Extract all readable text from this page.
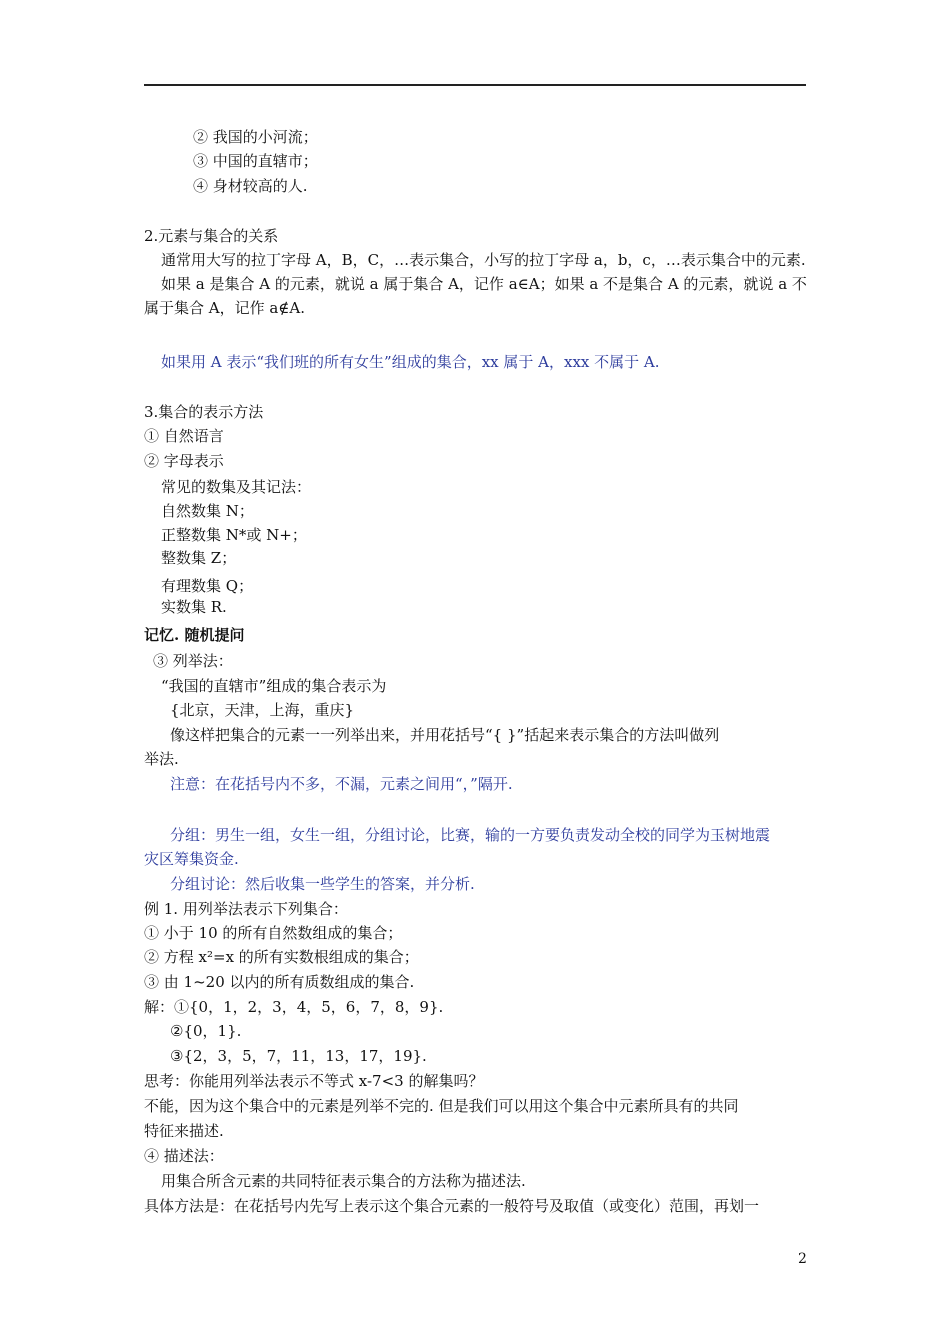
② 我国的小河流；
③ 中国的直辖市；
④ 身材较高的人.
2.元素与集合的关系
通常用大写的拉丁字母 A，B，C，…表示集合，小写的拉丁字母 a，b，c，…表示集合中的元素.
如果 a 是集合 A 的元素，就说 a 属于集合 A，记作 a∈A；如果 a 不是集合 A 的元素，就说 a 不
属于集合 A，记作 a∉A.
如果用 A 表示“我们班的所有女生”组成的集合，xx 属于 A，xxx 不属于 A.
3.集合的表示方法
① 自然语言
② 字母表示
常见的数集及其记法：
自然数集 N；
正整数集 N*或 N+；
整数集 Z；
有理数集 Q；
实数集 R.
记忆. 随机提问
③ 列举法：
“我国的直辖市”组成的集合表示为
{北京，天津，上海，重庆}
像这样把集合的元素一一列举出来，并用花括号“{ }”括起来表示集合的方法叫做列
举法.
注意：在花括号内不多，不漏，元素之间用“，”隔开.
分组：男生一组，女生一组，分组讨论，比赛，输的一方要负责发动全校的同学为玉树地震
灾区筹集资金.
分组讨论：然后收集一些学生的答案，并分析.
例 1. 用列举法表示下列集合：
① 小于 10 的所有自然数组成的集合；
② 方程 x²=x 的所有实数根组成的集合；
③ 由 1~20 以内的所有质数组成的集合.
解：①{0，1，2，3，4，5，6，7，8，9}.
②{0，1}.
③{2，3，5，7，11，13，17，19}.
思考：你能用列举法表示不等式 x-7<3 的解集吗？
不能，因为这个集合中的元素是列举不完的. 但是我们可以用这个集合中元素所具有的共同
特征来描述.
④ 描述法：
用集合所含元素的共同特征表示集合的方法称为描述法.
具体方法是：在花括号内先写上表示这个集合元素的一般符号及取值（或变化）范围，再划一
2
